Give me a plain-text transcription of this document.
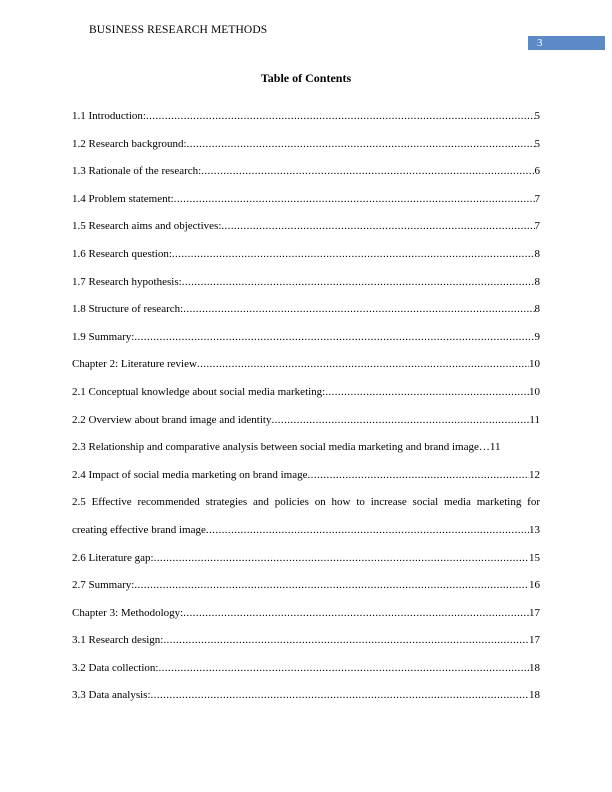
BUSINESS RESEARCH METHODS
3
Table of Contents
1.1 Introduction: .....	5
1.2 Research background: .....	5
1.3 Rationale of the research: .....	6
1.4 Problem statement: .....	7
1.5 Research aims and objectives: .....	7
1.6 Research question: .....	8
1.7 Research hypothesis: .....	8
1.8 Structure of research: .....	8
1.9 Summary: .....	9
Chapter 2: Literature review .....	10
2.1 Conceptual knowledge about social media marketing: .....	10
2.2 Overview about brand image and identity .....	11
2.3 Relationship and comparative analysis between social media marketing and brand image… 11
2.4 Impact of social media marketing on brand image .....	12
2.5 Effective recommended strategies and policies on how to increase social media marketing for
creating effective brand image .....	13
2.6 Literature gap: .....	15
2.7 Summary: .....	16
Chapter 3: Methodology: .....	17
3.1 Research design: .....	17
3.2 Data collection: .....	18
3.3 Data analysis: .....	18
